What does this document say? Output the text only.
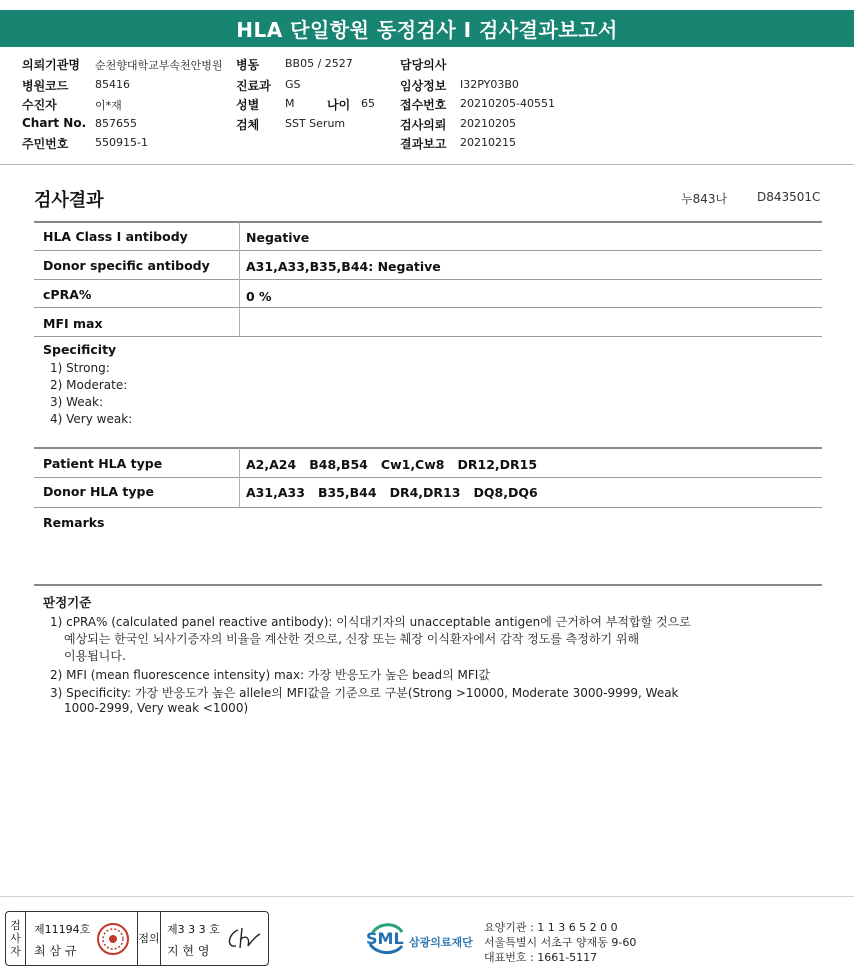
HLA 단일항원 동정검사 I 검사결과보고서
의뢰기관명 순천향대학교부속천안병원 병동 BB05 / 2527	담당의사
병원코드 85416	진료과 GS	임상정보 I32PY03B0
수진자	이*재	성별 M	나이 65 접수번호 20210205-40551
Chart No. 857655	검체 SST Serum	검사의뢰 20210205
주민번호 550915-1	결과보고 20210215
검사결과	누843나 D843501C
HLA Class I antibody	Negative
Donor specific antibody	A31,A33,B35,B44: Negative
cPRA%	0 %
MFI max
Specificity
1) Strong:
2) Moderate:
3) Weak:
4) Very weak:
Patient HLA type	A2,A24   B48,B54   Cw1,Cw8   DR12,DR15
Donor HLA type	A31,A33   B35,B44   DR4,DR13   DQ8,DQ6
Remarks
판정기준
1) cPRA% (calculated panel reactive antibody): 이식대기자의 unacceptable antigen에 근거하여 부적합할 것으로
예상되는 한국인 뇌사기증자의 비율을 계산한 것으로, 신장 또는 췌장 이식환자에서 감작 정도를 측정하기 위해
이용됩니다.
2) MFI (mean fluorescence intensity) max: 가장 반응도가 높은 bead의 MFI값
3) Specificity: 가장 반응도가 높은 allele의 MFI값을 기준으로 구분(Strong >10000, Moderate 3000-9999, Weak
1000-2999, Very weak <1000)
검사자
제11194호
최 삼 규
점의
제3 3 3 호
지 현 영
SML 삼광의료재단
요양기관 : 1 1 3 6 5 2 0 0
서울특별시 서초구 양재동 9-60
대표번호 : 1661-5117
